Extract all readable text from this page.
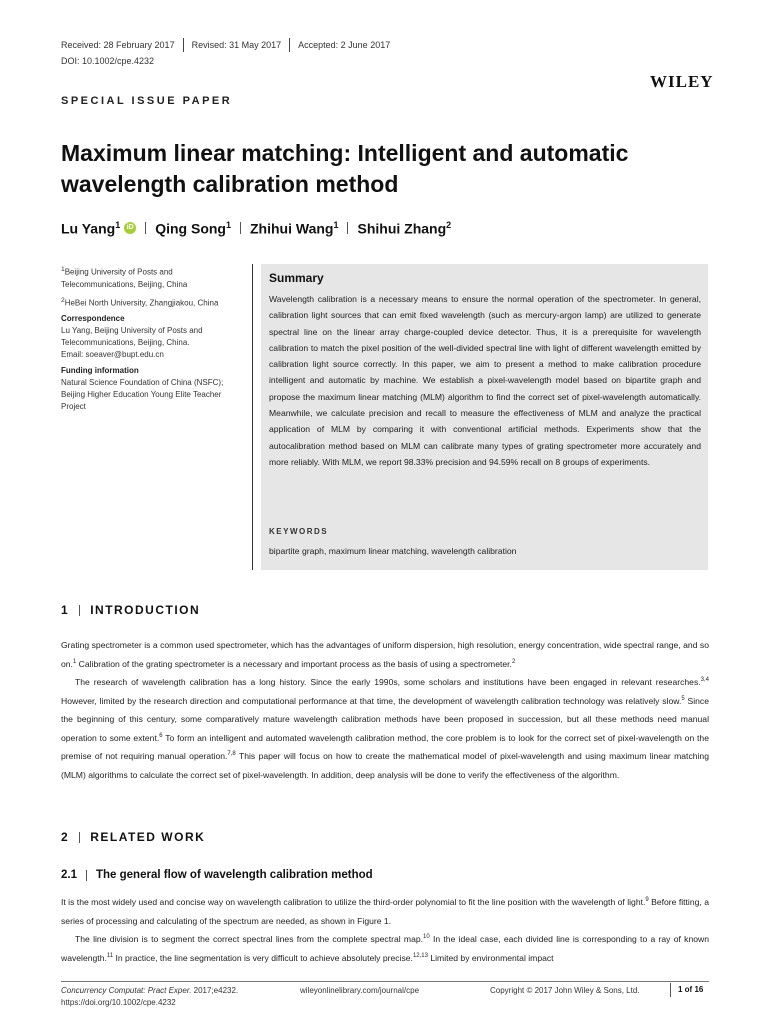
Received: 28 February 2017 Revised: 31 May 2017 Accepted: 2 June 2017
DOI: 10.1002/cpe.4232
WILEY
SPECIAL ISSUE PAPER
Maximum linear matching: Intelligent and automatic wavelength calibration method
Lu Yang$^1$ iD Qing Song$^1$ Zhihui Wang$^1$ Shihui Zhang$^2$
$^1$Beijing University of Posts and Telecommunications, Beijing, China
$^2$HeBei North University, Zhangjiakou, China
Correspondence
Lu Yang, Beijing University of Posts and Telecommunications, Beijing, China.
Email: soeaver@bupt.edu.cn
Funding information
Natural Science Foundation of China (NSFC); Beijing Higher Education Young Elite Teacher Project
Summary
Wavelength calibration is a necessary means to ensure the normal operation of the spectrometer. In general, calibration light sources that can emit fixed wavelength (such as mercury-argon lamp) are utilized to generate spectral line on the linear array charge-coupled device detector. Thus, it is a prerequisite for wavelength calibration to match the pixel position of the well-divided spectral line with light of different wavelength emitted by calibration light source correctly. In this paper, we aim to present a method to make calibration procedure intelligent and automatic by machine. We establish a pixel-wavelength model based on bipartite graph and propose the maximum linear matching (MLM) algorithm to find the correct set of pixel-wavelength automatically. Meanwhile, we calculate precision and recall to measure the effectiveness of MLM and analyze the practical application of MLM by comparing it with conventional artificial methods. Experiments show that the autocalibration method based on MLM can calibrate many types of grating spectrometer more accurately and more reliably. With MLM, we report 98.33% precision and 94.59% recall on 8 groups of experiments.
KEYWORDS
bipartite graph, maximum linear matching, wavelength calibration
1 INTRODUCTION

Grating spectrometer is a common used spectrometer, which has the advantages of uniform dispersion, high resolution, energy concentration, wide spectral range, and so on.$^1$ Calibration of the grating spectrometer is a necessary and important process as the basis of using a spectrometer.$^2$

The research of wavelength calibration has a long history. Since the early 1990s, some scholars and institutions have been engaged in relevant researches.$^{3,4}$ However, limited by the research direction and computational performance at that time, the development of wavelength calibration technology was relatively slow.$^5$ Since the beginning of this century, some comparatively mature wavelength calibration methods have been proposed in succession, but all these methods need manual operation to some extent.$^6$ To form an intelligent and automated wavelength calibration method, the core problem is to look for the correct set of pixel-wavelength on the premise of not requiring manual operation.$^{7,8}$ This paper will focus on how to create the mathematical model of pixel-wavelength and using maximum linear matching (MLM) algorithms to calculate the correct set of pixel-wavelength. In addition, deep analysis will be done to verify the effectiveness of the algorithm.

2 RELATED WORK
2.1 The general flow of wavelength calibration method

It is the most widely used and concise way on wavelength calibration to utilize the third-order polynomial to fit the line position with the wavelength of light.$^9$ Before fitting, a series of processing and calculating of the spectrum are needed, as shown in Figure 1.

The line division is to segment the correct spectral lines from the complete spectral map.$^{10}$ In the ideal case, each divided line is corresponding to a ray of known wavelength.$^{11}$ In practice, the line segmentation is very difficult to achieve absolutely precise.$^{12,13}$ Limited by environmental impact

Concurrency Computat: Pract Exper. 2017;e4232.
https://doi.org/10.1002/cpe.4232
wileyonlinelibrary.com/journal/cpe	Copyright © 2017 John Wiley & Sons, Ltd.	1 of 16
